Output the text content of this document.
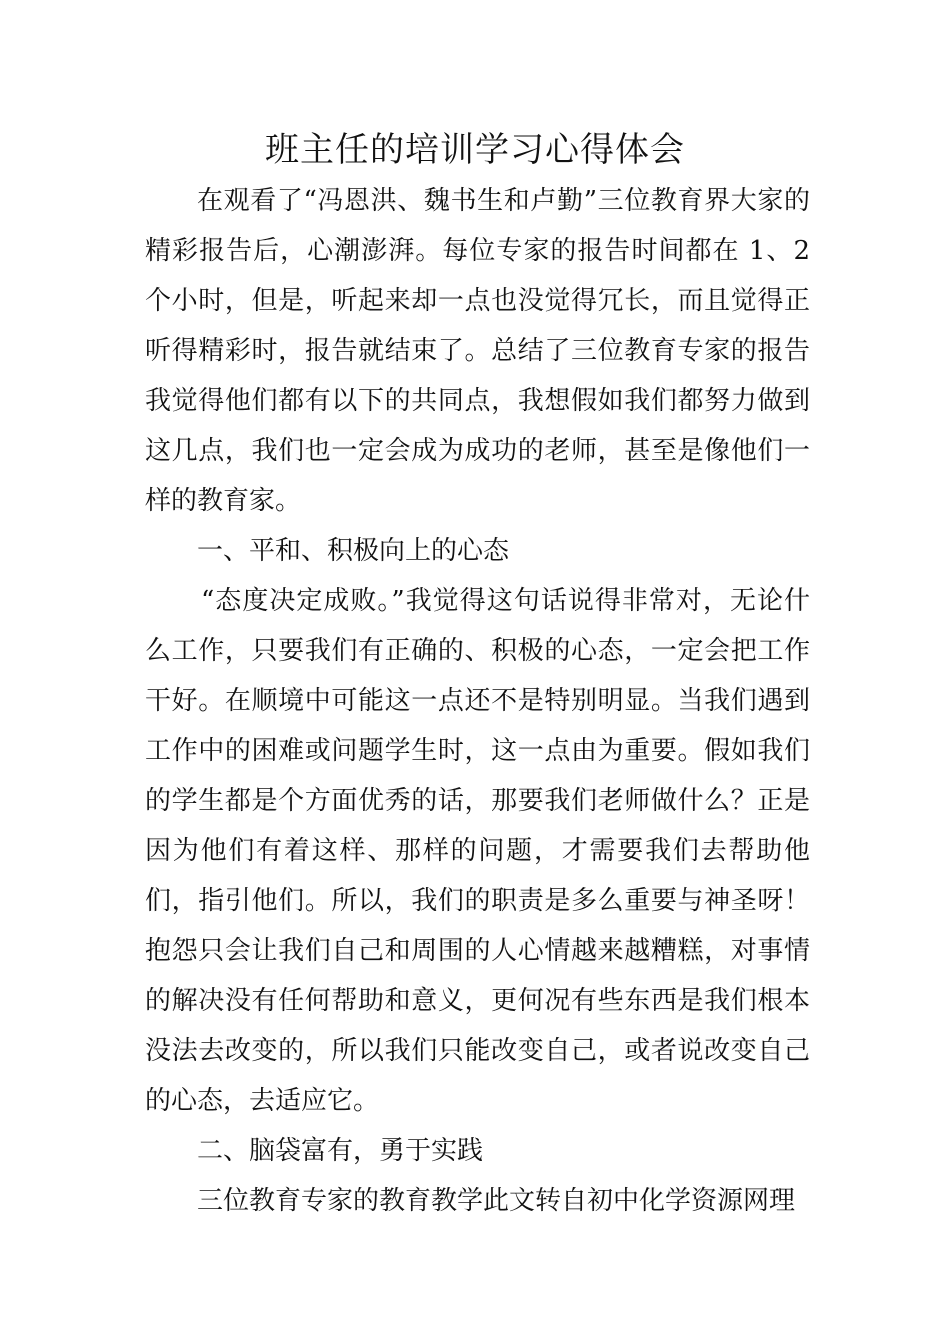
班主任的培训学习心得体会

在观看了“冯恩洪、魏书生和卢勤”三位教育界大家的精彩报告后，心潮澎湃。每位专家的报告时间都在 1、2 个小时，但是，听起来却一点也没觉得冗长，而且觉得正听得精彩时，报告就结束了。总结了三位教育专家的报告我觉得他们都有以下的共同点，我想假如我们都努力做到这几点，我们也一定会成为成功的老师，甚至是像他们一样的教育家。

一、平和、积极向上的心态

“态度决定成败。”我觉得这句话说得非常对，无论什么工作，只要我们有正确的、积极的心态，一定会把工作干好。在顺境中可能这一点还不是特别明显。当我们遇到工作中的困难或问题学生时，这一点由为重要。假如我们的学生都是个方面优秀的话，那要我们老师做什么？正是因为他们有着这样、那样的问题，才需要我们去帮助他们，指引他们。所以，我们的职责是多么重要与神圣呀！抱怨只会让我们自己和周围的人心情越来越糟糕，对事情的解决没有任何帮助和意义，更何况有些东西是我们根本没法去改变的，所以我们只能改变自己，或者说改变自己的心态，去适应它。

二、脑袋富有，勇于实践

三位教育专家的教育教学此文转自初中化学资源网理
